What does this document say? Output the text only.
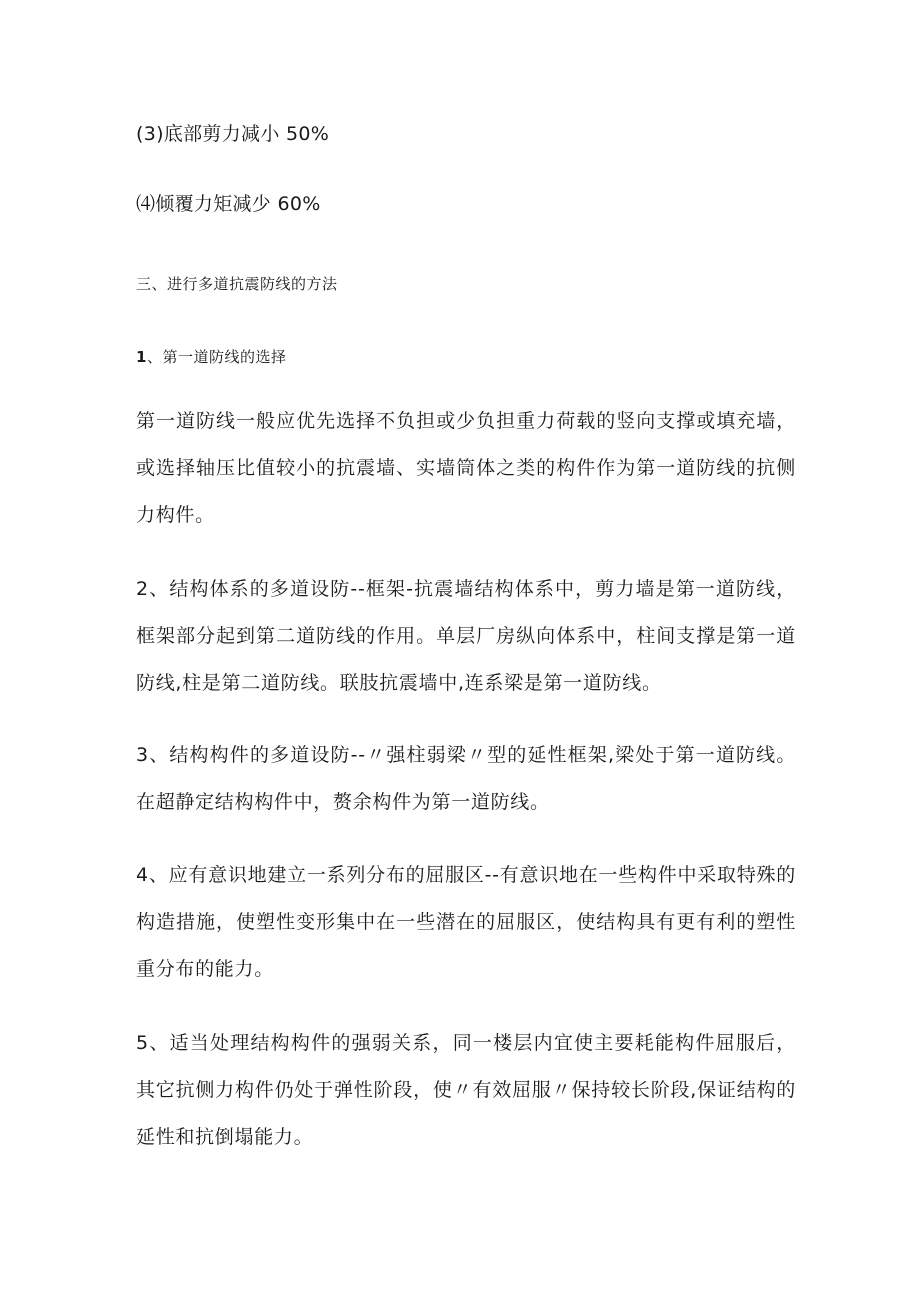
(3)底部剪力减小 50%
⑷倾覆力矩减少 60%
三、进行多道抗震防线的方法
1、第一道防线的选择
第一道防线一般应优先选择不负担或少负担重力荷载的竖向支撑或填充墙，或选择轴压比值较小的抗震墙、实墙筒体之类的构件作为第一道防线的抗侧力构件。
2、结构体系的多道设防--框架-抗震墙结构体系中，剪力墙是第一道防线，框架部分起到第二道防线的作用。单层厂房纵向体系中，柱间支撑是第一道防线,柱是第二道防线。联肢抗震墙中,连系梁是第一道防线。
3、结构构件的多道设防--〃强柱弱梁〃型的延性框架,梁处于第一道防线。在超静定结构构件中，赘余构件为第一道防线。
4、应有意识地建立一系列分布的屈服区--有意识地在一些构件中采取特殊的构造措施，使塑性变形集中在一些潜在的屈服区，使结构具有更有利的塑性重分布的能力。
5、适当处理结构构件的强弱关系，同一楼层内宜使主要耗能构件屈服后，其它抗侧力构件仍处于弹性阶段，使〃有效屈服〃保持较长阶段,保证结构的延性和抗倒塌能力。
